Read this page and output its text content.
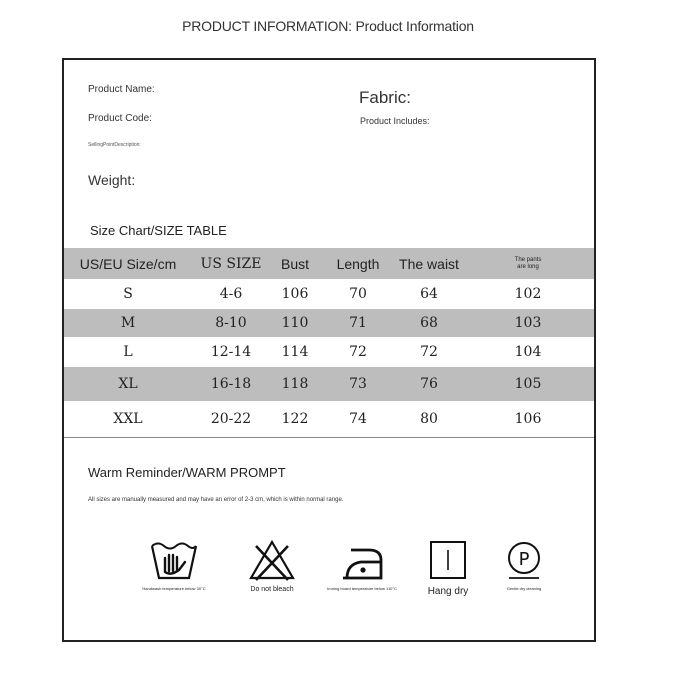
PRODUCT INFORMATION: Product Information
Product Name:
Product Code:
SellingPointDescription:
Weight:
Fabric:
Product Includes:
Size Chart/SIZE TABLE
US/EU Size/cm	US SIZE	Bust	Length	The waist	The pants are long

S	4-6	106	70	64	102
M	8-10	110	71	68	103
L	12-14	114	72	72	104
XL	16-18	118	73	76	105
XXL	20-22	122	74	80	106
Warm Reminder/WARM PROMPT
All sizes are manually measured and may have an error of 2-3 cm, which is within normal range.
Handwash temperature below 30°C	Do not bleach	Ironing board temperature below 110°C	Hang dry
P
Gentle dry cleaning
